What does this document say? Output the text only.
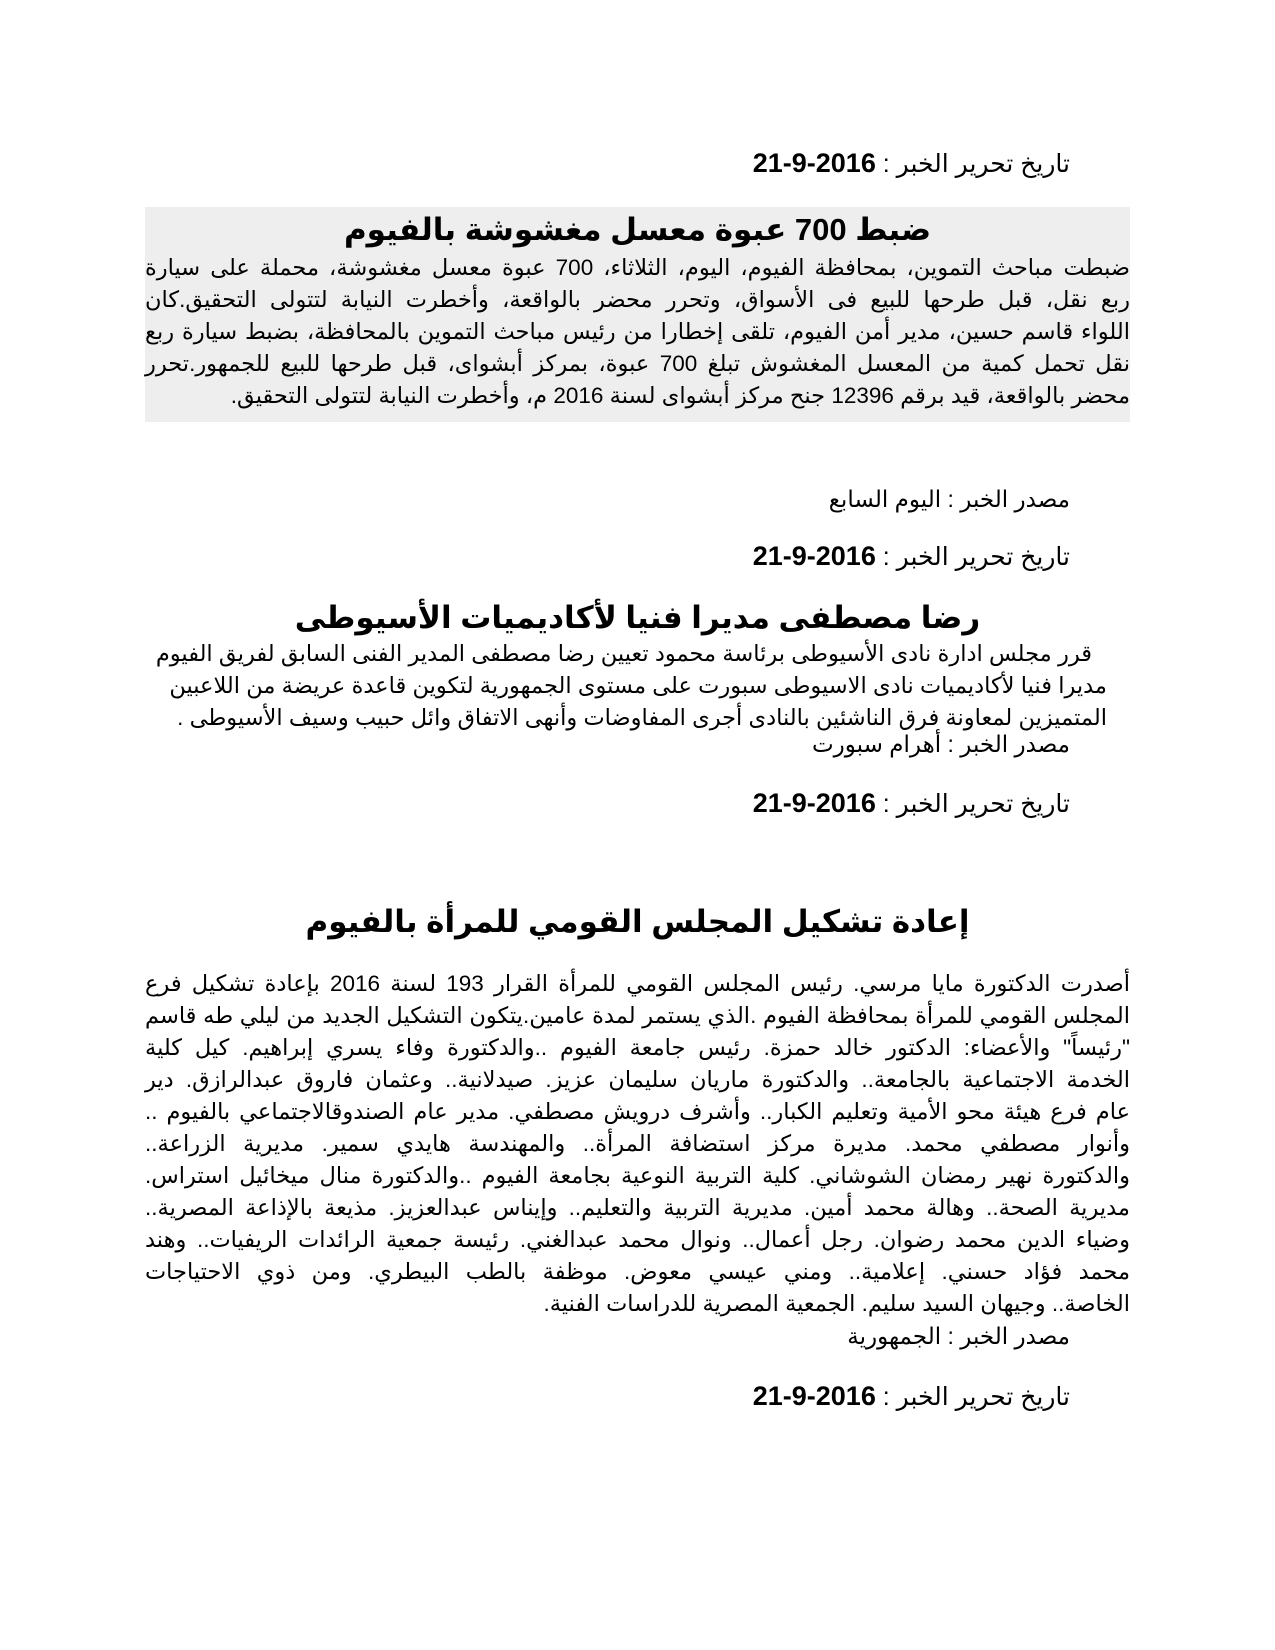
تاريخ تحرير الخبر : 2016-9-21
ضبط 700 عبوة معسل مغشوشة بالفيوم
ضبطت مباحث التموين، بمحافظة الفيوم، اليوم، الثلاثاء، 700 عبوة معسل مغشوشة، محملة على سيارة
ربع نقل، قبل طرحها للبيع فى الأسواق، وتحرر محضر بالواقعة، وأخطرت النيابة لتتولى التحقيق.كان
اللواء قاسم حسين، مدير أمن الفيوم، تلقى إخطارا من رئيس مباحث التموين بالمحافظة، بضبط سيارة ربع
نقل تحمل كمية من المعسل المغشوش تبلغ 700 عبوة، بمركز أبشواى، قبل طرحها للبيع للجمهور.تحرر
محضر بالواقعة، قيد برقم 12396 جنح مركز أبشواى لسنة 2016 م، وأخطرت النيابة لتتولى التحقيق.
مصدر الخبر : اليوم السابع
تاريخ تحرير الخبر : 2016-9-21
رضا مصطفى مديرا فنيا لأكاديميات الأسيوطى
قرر مجلس ادارة نادى الأسيوطى برئاسة محمود تعيين رضا مصطفى المدير الفنى السابق لفريق الفيوم
مديرا فنيا لأكاديميات نادى الاسيوطى سبورت على مستوى الجمهورية لتكوين قاعدة عريضة من اللاعبين
المتميزين لمعاونة فرق الناشئين بالنادى أجرى المفاوضات وأنهى الاتفاق وائل حبيب وسيف الأسيوطى .
مصدر الخبر : أهرام سبورت
تاريخ تحرير الخبر : 2016-9-21
إعادة تشكيل المجلس القومي للمرأة بالفيوم
أصدرت الدكتورة مايا مرسي. رئيس المجلس القومي للمرأة القرار 193 لسنة 2016 بإعادة تشكيل فرع
المجلس القومي للمرأة بمحافظة الفيوم .الذي يستمر لمدة عامين.يتكون التشكيل الجديد من ليلي طه قاسم
"رئيساً" والأعضاء: الدكتور خالد حمزة. رئيس جامعة الفيوم ..والدكتورة وفاء يسري إبراهيم. كيل كلية
الخدمة الاجتماعية بالجامعة.. والدكتورة ماريان سليمان عزيز. صيدلانية.. وعثمان فاروق عبدالرازق. دير
عام فرع هيئة محو الأمية وتعليم الكبار.. وأشرف درويش مصطفي. مدير عام الصندوقالاجتماعي بالفيوم ..
وأنوار مصطفي محمد. مديرة مركز استضافة المرأة.. والمهندسة هايدي سمير. مديرية الزراعة..
والدكتورة نهير رمضان الشوشاني. كلية التربية النوعية بجامعة الفيوم ..والدكتورة منال ميخائيل استراس.
مديرية الصحة.. وهالة محمد أمين. مديرية التربية والتعليم.. وإيناس عبدالعزيز. مذيعة بالإذاعة المصرية..
وضياء الدين محمد رضوان. رجل أعمال.. ونوال محمد عبدالغني. رئيسة جمعية الرائدات الريفيات.. وهند
محمد فؤاد حسني. إعلامية.. ومني عيسي معوض. موظفة بالطب البيطري. ومن ذوي الاحتياجات
الخاصة.. وجيهان السيد سليم. الجمعية المصرية للدراسات الفنية.
مصدر الخبر : الجمهورية
تاريخ تحرير الخبر : 2016-9-21
